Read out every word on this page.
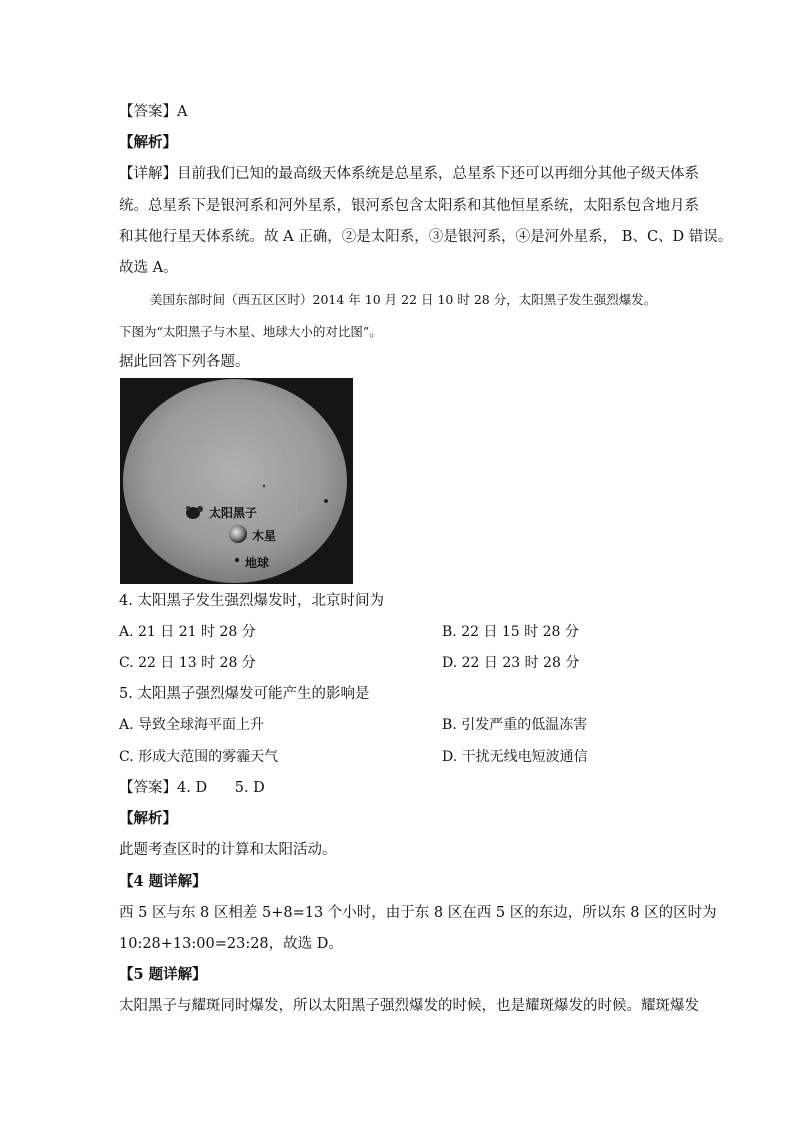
【答案】A
【解析】
【详解】目前我们已知的最高级天体系统是总星系，总星系下还可以再细分其他子级天体系
统。总星系下是银河系和河外星系，银河系包含太阳系和其他恒星系统，太阳系包含地月系
和其他行星天体系统。故 A 正确，②是太阳系，③是银河系，④是河外星系， B、C、D 错误。
故选 A。
美国东部时间（西五区区时）2014 年 10 月 22 日 10 时 28 分，太阳黑子发生强烈爆发。
下图为“太阳黑子与木星、地球大小的对比图”。
据此回答下列各题。
太阳黑子
木星
地球
4. 太阳黑子发生强烈爆发时，北京时间为
A. 21 日 21 时 28 分	B. 22 日 15 时 28 分
C. 22 日 13 时 28 分	D. 22 日 23 时 28 分
5. 太阳黑子强烈爆发可能产生的影响是
A. 导致全球海平面上升	B. 引发严重的低温冻害
C. 形成大范围的雾霾天气	D. 干扰无线电短波通信
【答案】4. D      5. D
【解析】
此题考查区时的计算和太阳活动。
【4 题详解】
西 5 区与东 8 区相差 5+8=13 个小时，由于东 8 区在西 5 区的东边，所以东 8 区的区时为
10:28+13:00=23:28，故选 D。
【5 题详解】
太阳黑子与耀斑同时爆发，所以太阳黑子强烈爆发的时候，也是耀斑爆发的时候。耀斑爆发
